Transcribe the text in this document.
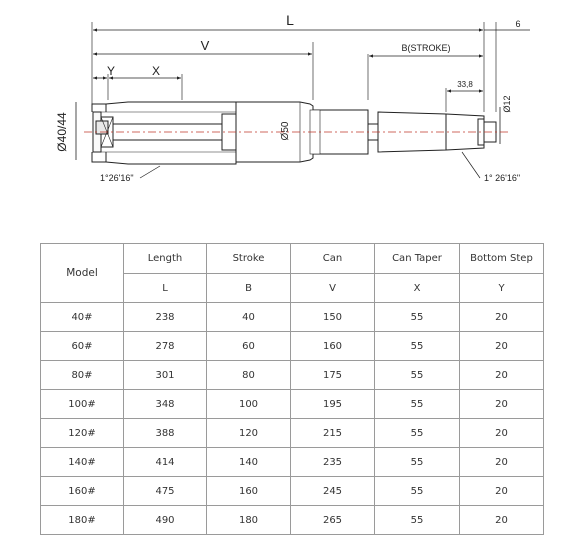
L	6
V	B(STROKE)
Y	X
33,8
Ø12
Ø40/44	Ø50
1°26'16"	1° 26'16"
Model	Length	Stroke	Can	Can Taper	Bottom Step
	L	B	V	X	Y
40#	238	40	150	55	20
60#	278	60	160	55	20
80#	301	80	175	55	20
100#	348	100	195	55	20
120#	388	120	215	55	20
140#	414	140	235	55	20
160#	475	160	245	55	20
180#	490	180	265	55	20
